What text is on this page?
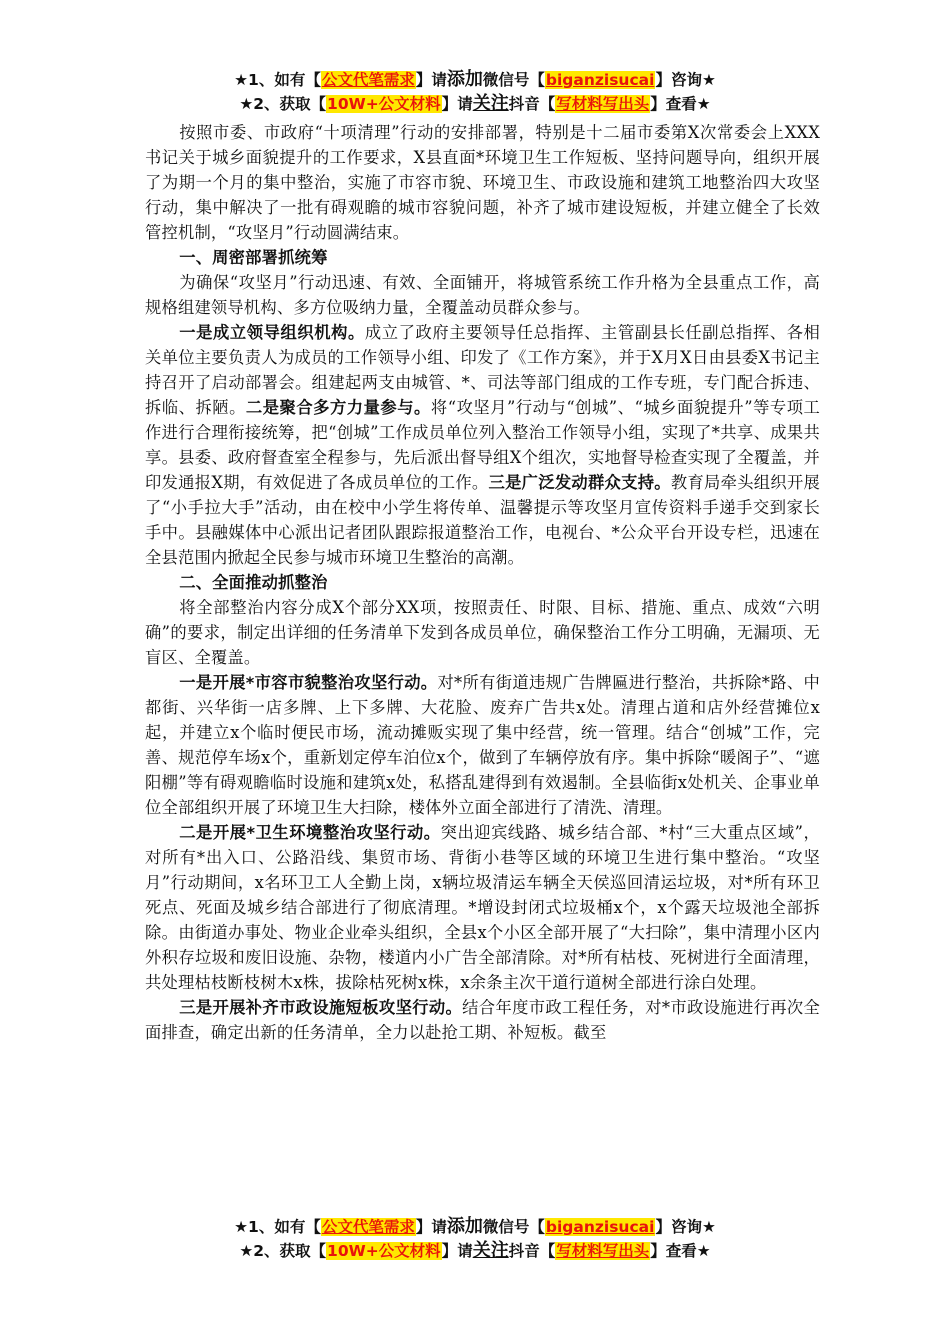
★1、如有【公文代笔需求】请添加微信号【biganzisucai】咨询★
★2、获取【10W+公文材料】请关注抖音【写材料写出头】查看★

按照市委、市政府“十项清理”行动的安排部署，特别是十二届市委第X次常委会上XXX书记关于城乡面貌提升的工作要求，X县直面*环境卫生工作短板、坚持问题导向，组织开展了为期一个月的集中整治，实施了市容市貌、环境卫生、市政设施和建筑工地整治四大攻坚行动，集中解决了一批有碍观瞻的城市容貌问题，补齐了城市建设短板，并建立健全了长效管控机制，“攻坚月”行动圆满结束。

一、周密部署抓统筹

为确保“攻坚月”行动迅速、有效、全面铺开，将城管系统工作升格为全县重点工作，高规格组建领导机构、多方位吸纳力量，全覆盖动员群众参与。

一是成立领导组织机构。成立了政府主要领导任总指挥、主管副县长任副总指挥、各相关单位主要负责人为成员的工作领导小组、印发了《工作方案》，并于X月X日由县委X书记主持召开了启动部署会。组建起两支由城管、*、司法等部门组成的工作专班，专门配合拆违、拆临、拆陋。二是聚合多方力量参与。将“攻坚月”行动与“创城”、“城乡面貌提升”等专项工作进行合理衔接统筹，把“创城”工作成员单位列入整治工作领导小组，实现了*共享、成果共享。县委、政府督查室全程参与，先后派出督导组X个组次，实地督导检查实现了全覆盖，并印发通报X期，有效促进了各成员单位的工作。三是广泛发动群众支持。教育局牵头组织开展了“小手拉大手”活动，由在校中小学生将传单、温馨提示等攻坚月宣传资料手递手交到家长手中。县融媒体中心派出记者团队跟踪报道整治工作，电视台、*公众平台开设专栏，迅速在全县范围内掀起全民参与城市环境卫生整治的高潮。

二、全面推动抓整治

将全部整治内容分成X个部分XX项，按照责任、时限、目标、措施、重点、成效“六明确”的要求，制定出详细的任务清单下发到各成员单位，确保整治工作分工明确，无漏项、无盲区、全覆盖。

一是开展*市容市貌整治攻坚行动。对*所有街道违规广告牌匾进行整治，共拆除*路、中都街、兴华街一店多牌、上下多牌、大花脸、废弃广告共x处。清理占道和店外经营摊位x起，并建立x个临时便民市场，流动摊贩实现了集中经营，统一管理。结合“创城”工作，完善、规范停车场x个，重新划定停车泊位x个，做到了车辆停放有序。集中拆除“暖阁子”、“遮阳棚”等有碍观瞻临时设施和建筑x处，私搭乱建得到有效遏制。全县临街x处机关、企事业单位全部组织开展了环境卫生大扫除，楼体外立面全部进行了清洗、清理。

二是开展*卫生环境整治攻坚行动。突出迎宾线路、城乡结合部、*村“三大重点区域”，对所有*出入口、公路沿线、集贸市场、背街小巷等区域的环境卫生进行集中整治。“攻坚月”行动期间，x名环卫工人全勤上岗，x辆垃圾清运车辆全天侯巡回清运垃圾，对*所有环卫死点、死面及城乡结合部进行了彻底清理。*增设封闭式垃圾桶x个，x个露天垃圾池全部拆除。由街道办事处、物业企业牵头组织，全县x个小区全部开展了“大扫除”，集中清理小区内外积存垃圾和废旧设施、杂物，楼道内小广告全部清除。对*所有枯枝、死树进行全面清理，共处理枯枝断枝树木x株，拔除枯死树x株，x余条主次干道行道树全部进行涂白处理。

三是开展补齐市政设施短板攻坚行动。结合年度市政工程任务，对*市政设施进行再次全面排查，确定出新的任务清单，全力以赴抢工期、补短板。截至

★1、如有【公文代笔需求】请添加微信号【biganzisucai】咨询★
★2、获取【10W+公文材料】请关注抖音【写材料写出头】查看★
